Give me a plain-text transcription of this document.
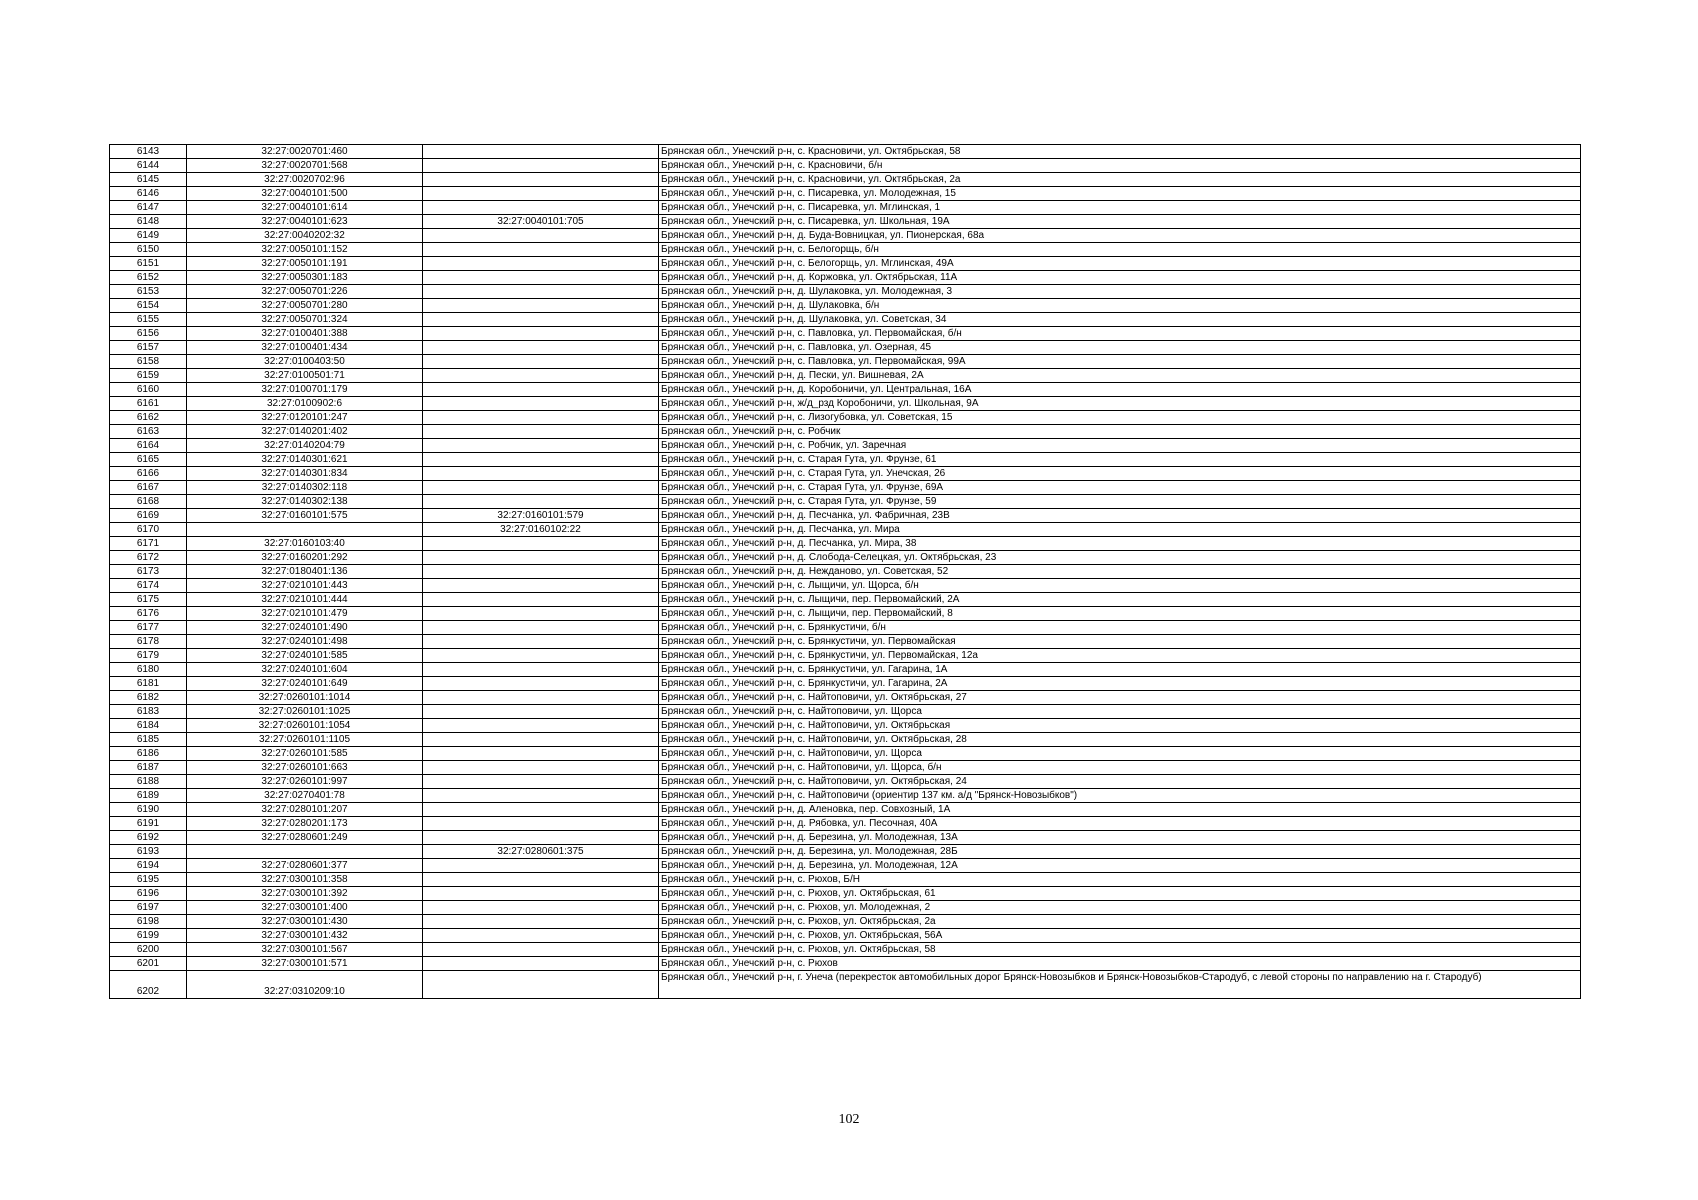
6143	32:27:0020701:460		Брянская обл., Унечский р-н, с. Красновичи, ул. Октябрьская, 58
6144	32:27:0020701:568		Брянская обл., Унечский р-н, с. Красновичи, б/н
6145	32:27:0020702:96		Брянская обл., Унечский р-н, с. Красновичи, ул. Октябрьская, 2а
6146	32:27:0040101:500		Брянская обл., Унечский р-н, с. Писаревка, ул. Молодежная, 15
6147	32:27:0040101:614		Брянская обл., Унечский р-н, с. Писаревка, ул. Мглинская, 1
6148	32:27:0040101:623	32:27:0040101:705	Брянская обл., Унечский р-н, с. Писаревка, ул. Школьная, 19А
6149	32:27:0040202:32		Брянская обл., Унечский р-н, д. Буда-Вовницкая, ул. Пионерская, 68а
6150	32:27:0050101:152		Брянская обл., Унечский р-н, с. Белогорщь, б/н
6151	32:27:0050101:191		Брянская обл., Унечский р-н, с. Белогорщь, ул. Мглинская, 49А
6152	32:27:0050301:183		Брянская обл., Унечский р-н, д. Коржовка, ул. Октябрьская, 11А
6153	32:27:0050701:226		Брянская обл., Унечский р-н, д. Шулаковка, ул. Молодежная, 3
6154	32:27:0050701:280		Брянская обл., Унечский р-н, д. Шулаковка, б/н
6155	32:27:0050701:324		Брянская обл., Унечский р-н, д. Шулаковка, ул. Советская, 34
6156	32:27:0100401:388		Брянская обл., Унечский р-н, с. Павловка, ул. Первомайская, б/н
6157	32:27:0100401:434		Брянская обл., Унечский р-н, с. Павловка, ул. Озерная, 45
6158	32:27:0100403:50		Брянская обл., Унечский р-н, с. Павловка, ул. Первомайская, 99А
6159	32:27:0100501:71		Брянская обл., Унечский р-н, д. Пески, ул. Вишневая, 2А
6160	32:27:0100701:179		Брянская обл., Унечский р-н, д. Коробоничи, ул. Центральная, 16А
6161	32:27:0100902:6		Брянская обл., Унечский р-н, ж/д_рзд Коробоничи, ул. Школьная, 9А
6162	32:27:0120101:247		Брянская обл., Унечский р-н, с. Лизогубовка, ул. Советская, 15
6163	32:27:0140201:402		Брянская обл., Унечский р-н, с. Робчик
6164	32:27:0140204:79		Брянская обл., Унечский р-н, с. Робчик, ул. Заречная
6165	32:27:0140301:621		Брянская обл., Унечский р-н, с. Старая Гута, ул. Фрунзе, 61
6166	32:27:0140301:834		Брянская обл., Унечский р-н, с. Старая Гута, ул. Унечская, 26
6167	32:27:0140302:118		Брянская обл., Унечский р-н, с. Старая Гута, ул. Фрунзе, 69А
6168	32:27:0140302:138		Брянская обл., Унечский р-н, с. Старая Гута, ул. Фрунзе, 59
6169	32:27:0160101:575	32:27:0160101:579	Брянская обл., Унечский р-н, д. Песчанка, ул. Фабричная, 23В
6170		32:27:0160102:22	Брянская обл., Унечский р-н, д. Песчанка, ул. Мира
6171	32:27:0160103:40		Брянская обл., Унечский р-н, д. Песчанка, ул. Мира, 38
6172	32:27:0160201:292		Брянская обл., Унечский р-н, д. Слобода-Селецкая, ул. Октябрьская, 23
6173	32:27:0180401:136		Брянская обл., Унечский р-н, д. Нежданово, ул. Советская, 52
6174	32:27:0210101:443		Брянская обл., Унечский р-н, с. Лыщичи, ул. Щорса, б/н
6175	32:27:0210101:444		Брянская обл., Унечский р-н, с. Лыщичи, пер. Первомайский, 2А
6176	32:27:0210101:479		Брянская обл., Унечский р-н, с. Лыщичи, пер. Первомайский, 8
6177	32:27:0240101:490		Брянская обл., Унечский р-н, с. Брянкустичи, б/н
6178	32:27:0240101:498		Брянская обл., Унечский р-н, с. Брянкустичи, ул. Первомайская
6179	32:27:0240101:585		Брянская обл., Унечский р-н, с. Брянкустичи, ул. Первомайская, 12а
6180	32:27:0240101:604		Брянская обл., Унечский р-н, с. Брянкустичи, ул. Гагарина, 1А
6181	32:27:0240101:649		Брянская обл., Унечский р-н, с. Брянкустичи, ул. Гагарина, 2А
6182	32:27:0260101:1014		Брянская обл., Унечский р-н, с. Найтоповичи, ул. Октябрьская, 27
6183	32:27:0260101:1025		Брянская обл., Унечский р-н, с. Найтоповичи, ул. Щорса
6184	32:27:0260101:1054		Брянская обл., Унечский р-н, с. Найтоповичи, ул. Октябрьская
6185	32:27:0260101:1105		Брянская обл., Унечский р-н, с. Найтоповичи, ул. Октябрьская, 28
6186	32:27:0260101:585		Брянская обл., Унечский р-н, с. Найтоповичи, ул. Щорса
6187	32:27:0260101:663		Брянская обл., Унечский р-н, с. Найтоповичи, ул. Щорса, б/н
6188	32:27:0260101:997		Брянская обл., Унечский р-н, с. Найтоповичи, ул. Октябрьская, 24
6189	32:27:0270401:78		Брянская обл., Унечский р-н, с. Найтоповичи (ориентир 137 км. а/д "Брянск-Новозыбков")
6190	32:27:0280101:207		Брянская обл., Унечский р-н, д. Аленовка, пер. Совхозный, 1А
6191	32:27:0280201:173		Брянская обл., Унечский р-н, д. Рябовка, ул. Песочная, 40А
6192	32:27:0280601:249		Брянская обл., Унечский р-н, д. Березина, ул. Молодежная, 13А
6193		32:27:0280601:375	Брянская обл., Унечский р-н, д. Березина, ул. Молодежная, 28Б
6194	32:27:0280601:377		Брянская обл., Унечский р-н, д. Березина, ул. Молодежная, 12А
6195	32:27:0300101:358		Брянская обл., Унечский р-н, с. Рюхов, Б/Н
6196	32:27:0300101:392		Брянская обл., Унечский р-н, с. Рюхов, ул. Октябрьская, 61
6197	32:27:0300101:400		Брянская обл., Унечский р-н, с. Рюхов, ул. Молодежная, 2
6198	32:27:0300101:430		Брянская обл., Унечский р-н, с. Рюхов, ул. Октябрьская, 2а
6199	32:27:0300101:432		Брянская обл., Унечский р-н, с. Рюхов, ул. Октябрьская, 56А
6200	32:27:0300101:567		Брянская обл., Унечский р-н, с. Рюхов, ул. Октябрьская, 58
6201	32:27:0300101:571		Брянская обл., Унечский р-н, с. Рюхов
6202	32:27:0310209:10		Брянская обл., Унечский р-н, г. Унеча (перекресток автомобильных дорог Брянск-Новозыбков и Брянск-Новозыбков-Стародуб, с левой стороны по направлению на г. Стародуб)
102
